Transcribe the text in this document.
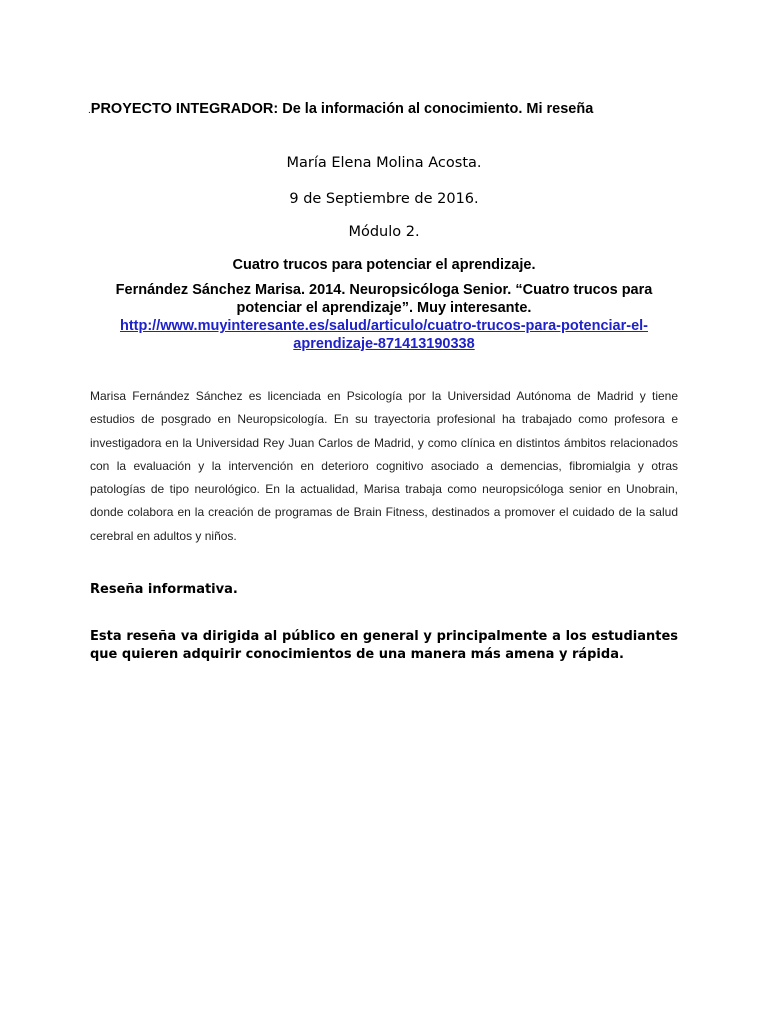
.PROYECTO INTEGRADOR: De la información al conocimiento. Mi reseña
María Elena Molina Acosta.
9 de Septiembre de 2016.
Módulo 2.
Cuatro trucos para potenciar el aprendizaje.
Fernández Sánchez Marisa. 2014. Neuropsicóloga Senior. “Cuatro trucos para potenciar el aprendizaje”. Muy interesante.
http://www.muyinteresante.es/salud/articulo/cuatro-trucos-para-potenciar-el-aprendizaje-871413190338
Marisa Fernández Sánchez es licenciada en Psicología por la Universidad Autónoma de Madrid y tiene estudios de posgrado en Neuropsicología. En su trayectoria profesional ha trabajado como profesora e investigadora en la Universidad Rey Juan Carlos de Madrid, y como clínica en distintos ámbitos relacionados con la evaluación y la intervención en deterioro cognitivo asociado a demencias, fibromialgia y otras patologías de tipo neurológico. En la actualidad, Marisa trabaja como neuropsicóloga senior en Unobrain, donde colabora en la creación de programas de Brain Fitness, destinados a promover el cuidado de la salud cerebral en adultos y niños.
Reseña informativa.
Esta reseña va dirigida al público en general y principalmente a los estudiantes que quieren adquirir conocimientos de una manera más amena y rápida.
